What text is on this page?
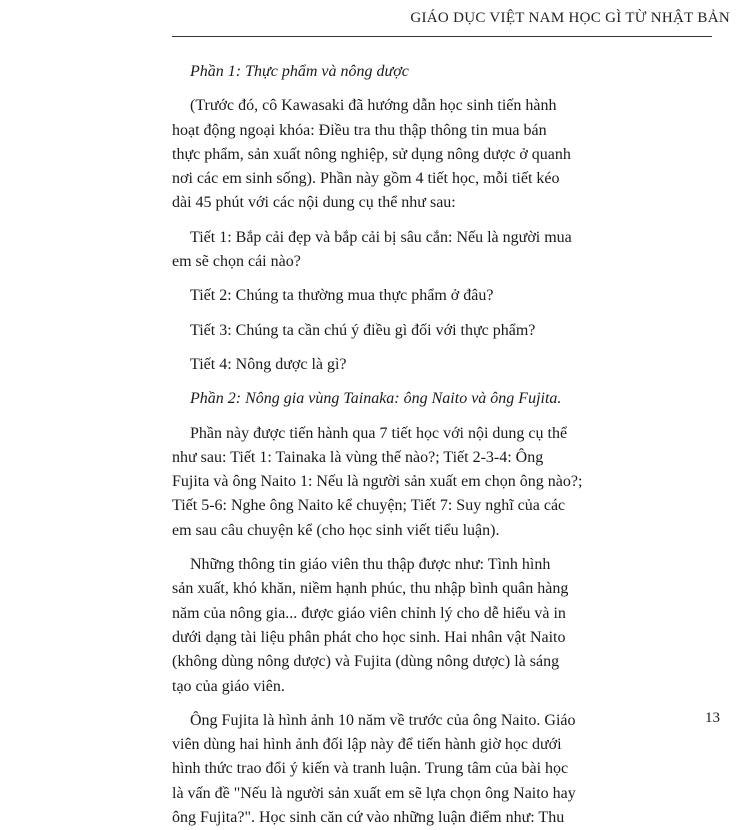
GIÁO DỤC VIỆT NAM HỌC GÌ TỪ NHẬT BẢN

Phần 1: Thực phẩm và nông dược

(Trước đó, cô Kawasaki đã hướng dẫn học sinh tiến hành

hoạt động ngoại khóa: Điều tra thu thập thông tin mua bán

thực phẩm, sản xuất nông nghiệp, sử dụng nông dược ở quanh

nơi các em sinh sống). Phần này gồm 4 tiết học, mỗi tiết kéo

dài 45 phút với các nội dung cụ thể như sau:

Tiết 1: Bắp cải đẹp và bắp cải bị sâu cắn: Nếu là người mua

em sẽ chọn cái nào?

Tiết 2: Chúng ta thường mua thực phẩm ở đâu?

Tiết 3: Chúng ta cần chú ý điều gì đối với thực phẩm?

Tiết 4: Nông dược là gì?

Phần 2: Nông gia vùng Tainaka: ông Naito và ông Fujita.

Phần này được tiến hành qua 7 tiết học với nội dung cụ thể

như sau: Tiết 1: Tainaka là vùng thế nào?; Tiết 2-3-4: Ông

Fujita và ông Naito 1: Nếu là người sản xuất em chọn ông nào?;

Tiết 5-6: Nghe ông Naito kể chuyện; Tiết 7: Suy nghĩ của các

em sau câu chuyện kể (cho học sinh viết tiểu luận).

Những thông tin giáo viên thu thập được như: Tình hình

sản xuất, khó khăn, niềm hạnh phúc, thu nhập bình quân hàng

năm của nông gia... được giáo viên chỉnh lý cho dễ hiểu và in

dưới dạng tài liệu phân phát cho học sinh. Hai nhân vật Naito

(không dùng nông dược) và Fujita (dùng nông dược) là sáng

tạo của giáo viên.

Ông Fujita là hình ảnh 10 năm về trước của ông Naito. Giáo

viên dùng hai hình ảnh đối lập này để tiến hành giờ học dưới

hình thức trao đổi ý kiến và tranh luận. Trung tâm của bài học

là vấn đề "Nếu là người sản xuất em sẽ lựa chọn ông Naito hay

ông Fujita?". Học sinh căn cứ vào những luận điểm như: Thu

13
